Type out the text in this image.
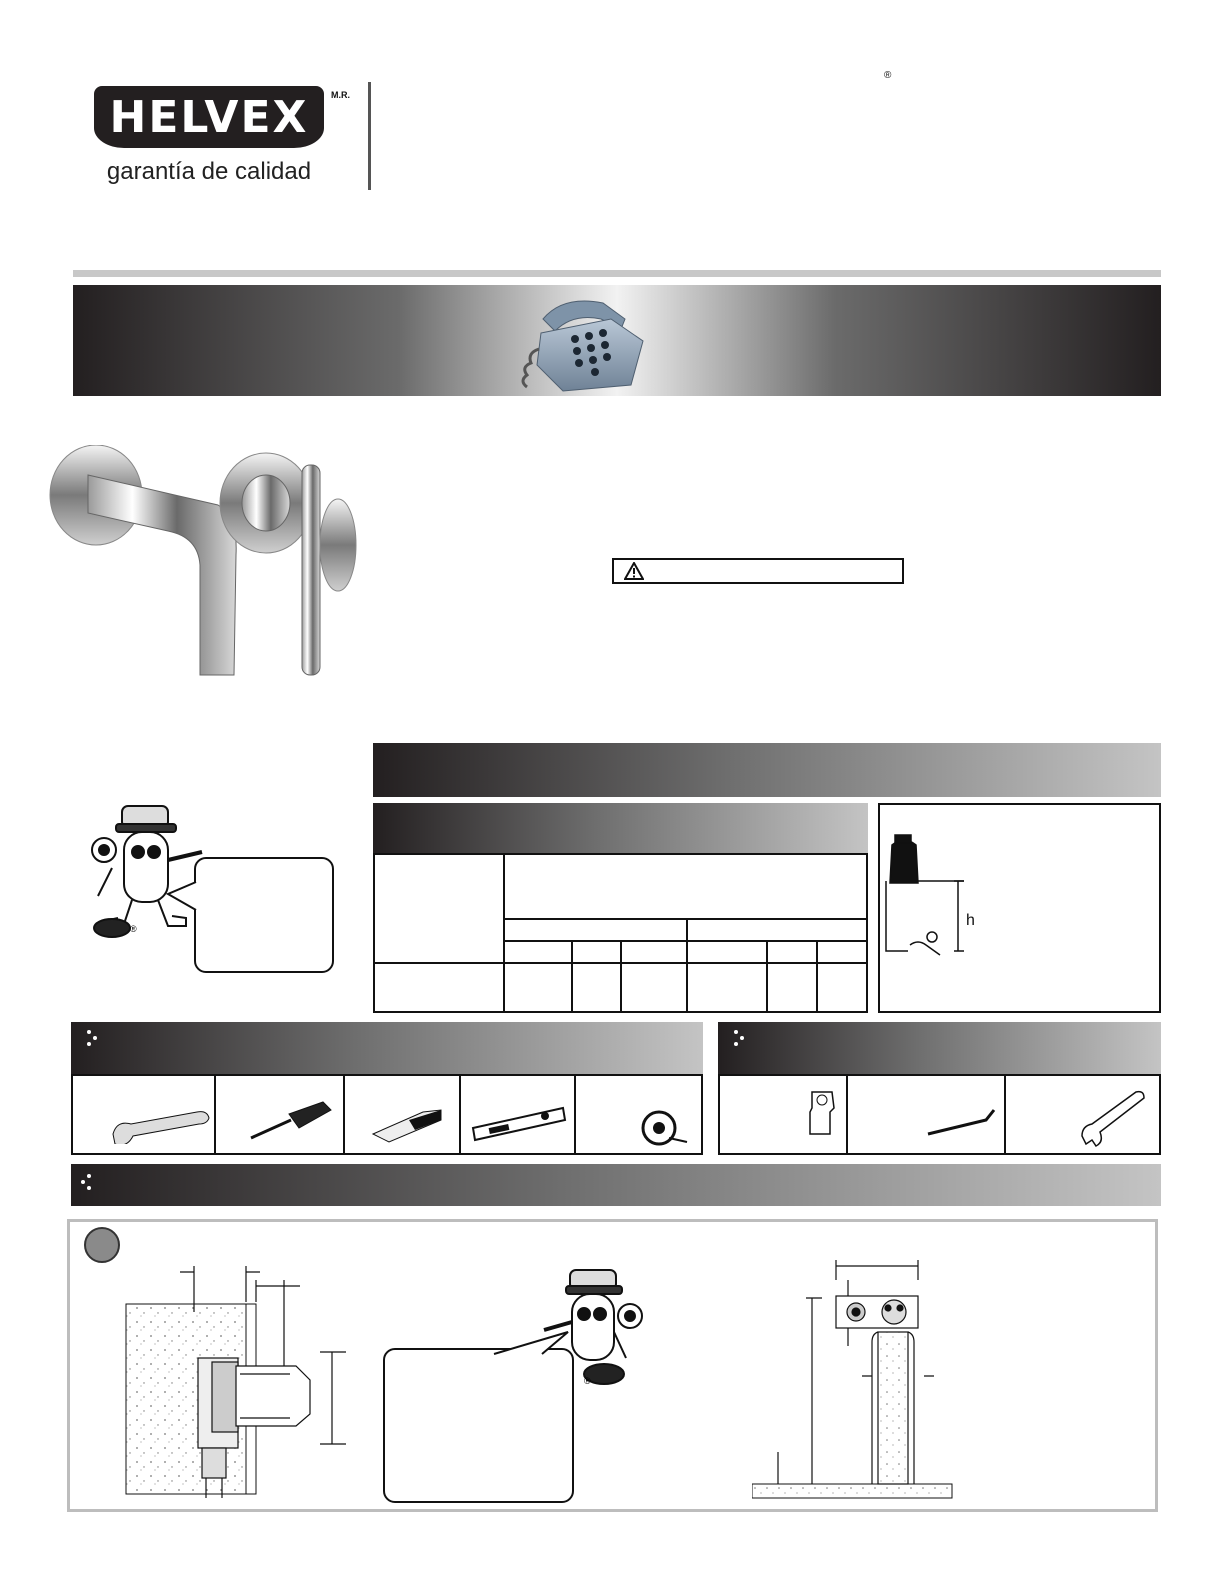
HELVEX	M.R.
garantía de calidad
®
®	h
®
